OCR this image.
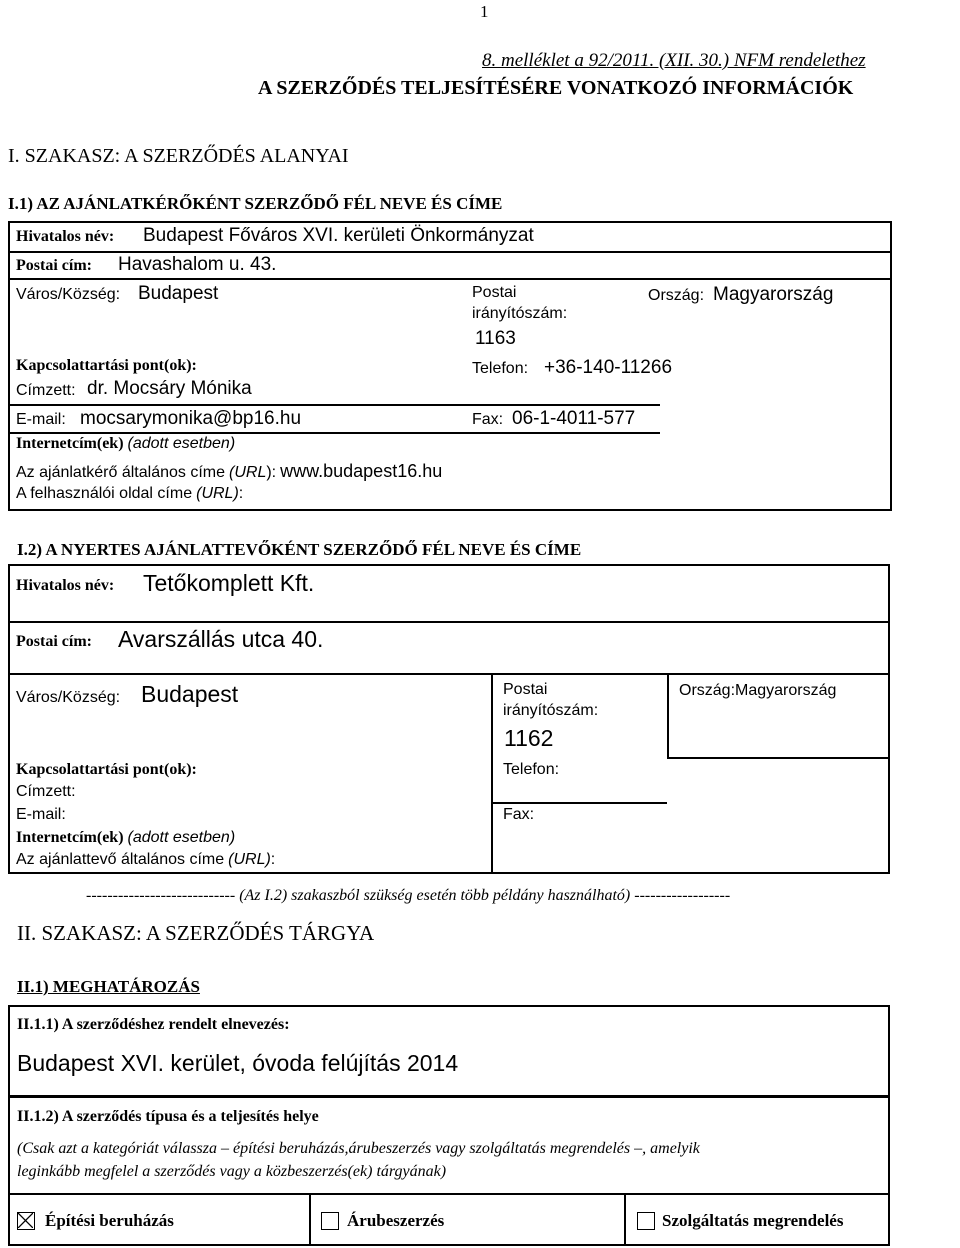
1
8. melléklet a 92/2011. (XII. 30.) NFM rendelethez
A SZERZŐDÉS TELJESÍTÉSÉRE VONATKOZÓ INFORMÁCIÓK
I. SZAKASZ: A SZERZŐDÉS ALANYAI
I.1) AZ AJÁNLATKÉRŐKÉNT SZERZŐDŐ FÉL NEVE ÉS CÍME
Hivatalos név: Budapest Főváros XVI. kerületi Önkormányzat
Postai cím: Havashalom u. 43.
Város/Község: Budapest	Postai
irányítószám:
1163
Ország: Magyarország
Kapcsolattartási pont(ok):	Telefon: +36-140-11266
Címzett: dr. Mocsáry Mónika
E-mail: mocsarymonika@bp16.hu	Fax: 06-1-4011-577
Internetcím(ek) (adott esetben)
Az ajánlatkérő általános címe (URL): www.budapest16.hu
A felhasználói oldal címe (URL):
I.2) A NYERTES AJÁNLATTEVŐKÉNT SZERZŐDŐ FÉL NEVE ÉS CÍME
Hivatalos név: Tetőkomplett Kft.
Postai cím: Avarszállás utca 40.
Város/Község: Budapest	Postai
irányítószám:
1162
Ország:Magyarország
Kapcsolattartási pont(ok):	Telefon:
Címzett:
E-mail:	Fax:
Internetcím(ek) (adott esetben)
Az ajánlattevő általános címe (URL):
---------------------------- (Az I.2) szakaszból szükség esetén több példány használható) ------------------
II. SZAKASZ: A SZERZŐDÉS TÁRGYA
II.1) MEGHATÁROZÁS
II.1.1) A szerződéshez rendelt elnevezés:
Budapest XVI. kerület, óvoda felújítás 2014
II.1.2) A szerződés típusa és a teljesítés helye
(Csak azt a kategóriát válassza – építési beruházás,árubeszerzés vagy szolgáltatás megrendelés –, amelyik
leginkább megfelel a szerződés vagy a közbeszerzés(ek) tárgyának)
Építési beruházás	Árubeszerzés	Szolgáltatás megrendelés
